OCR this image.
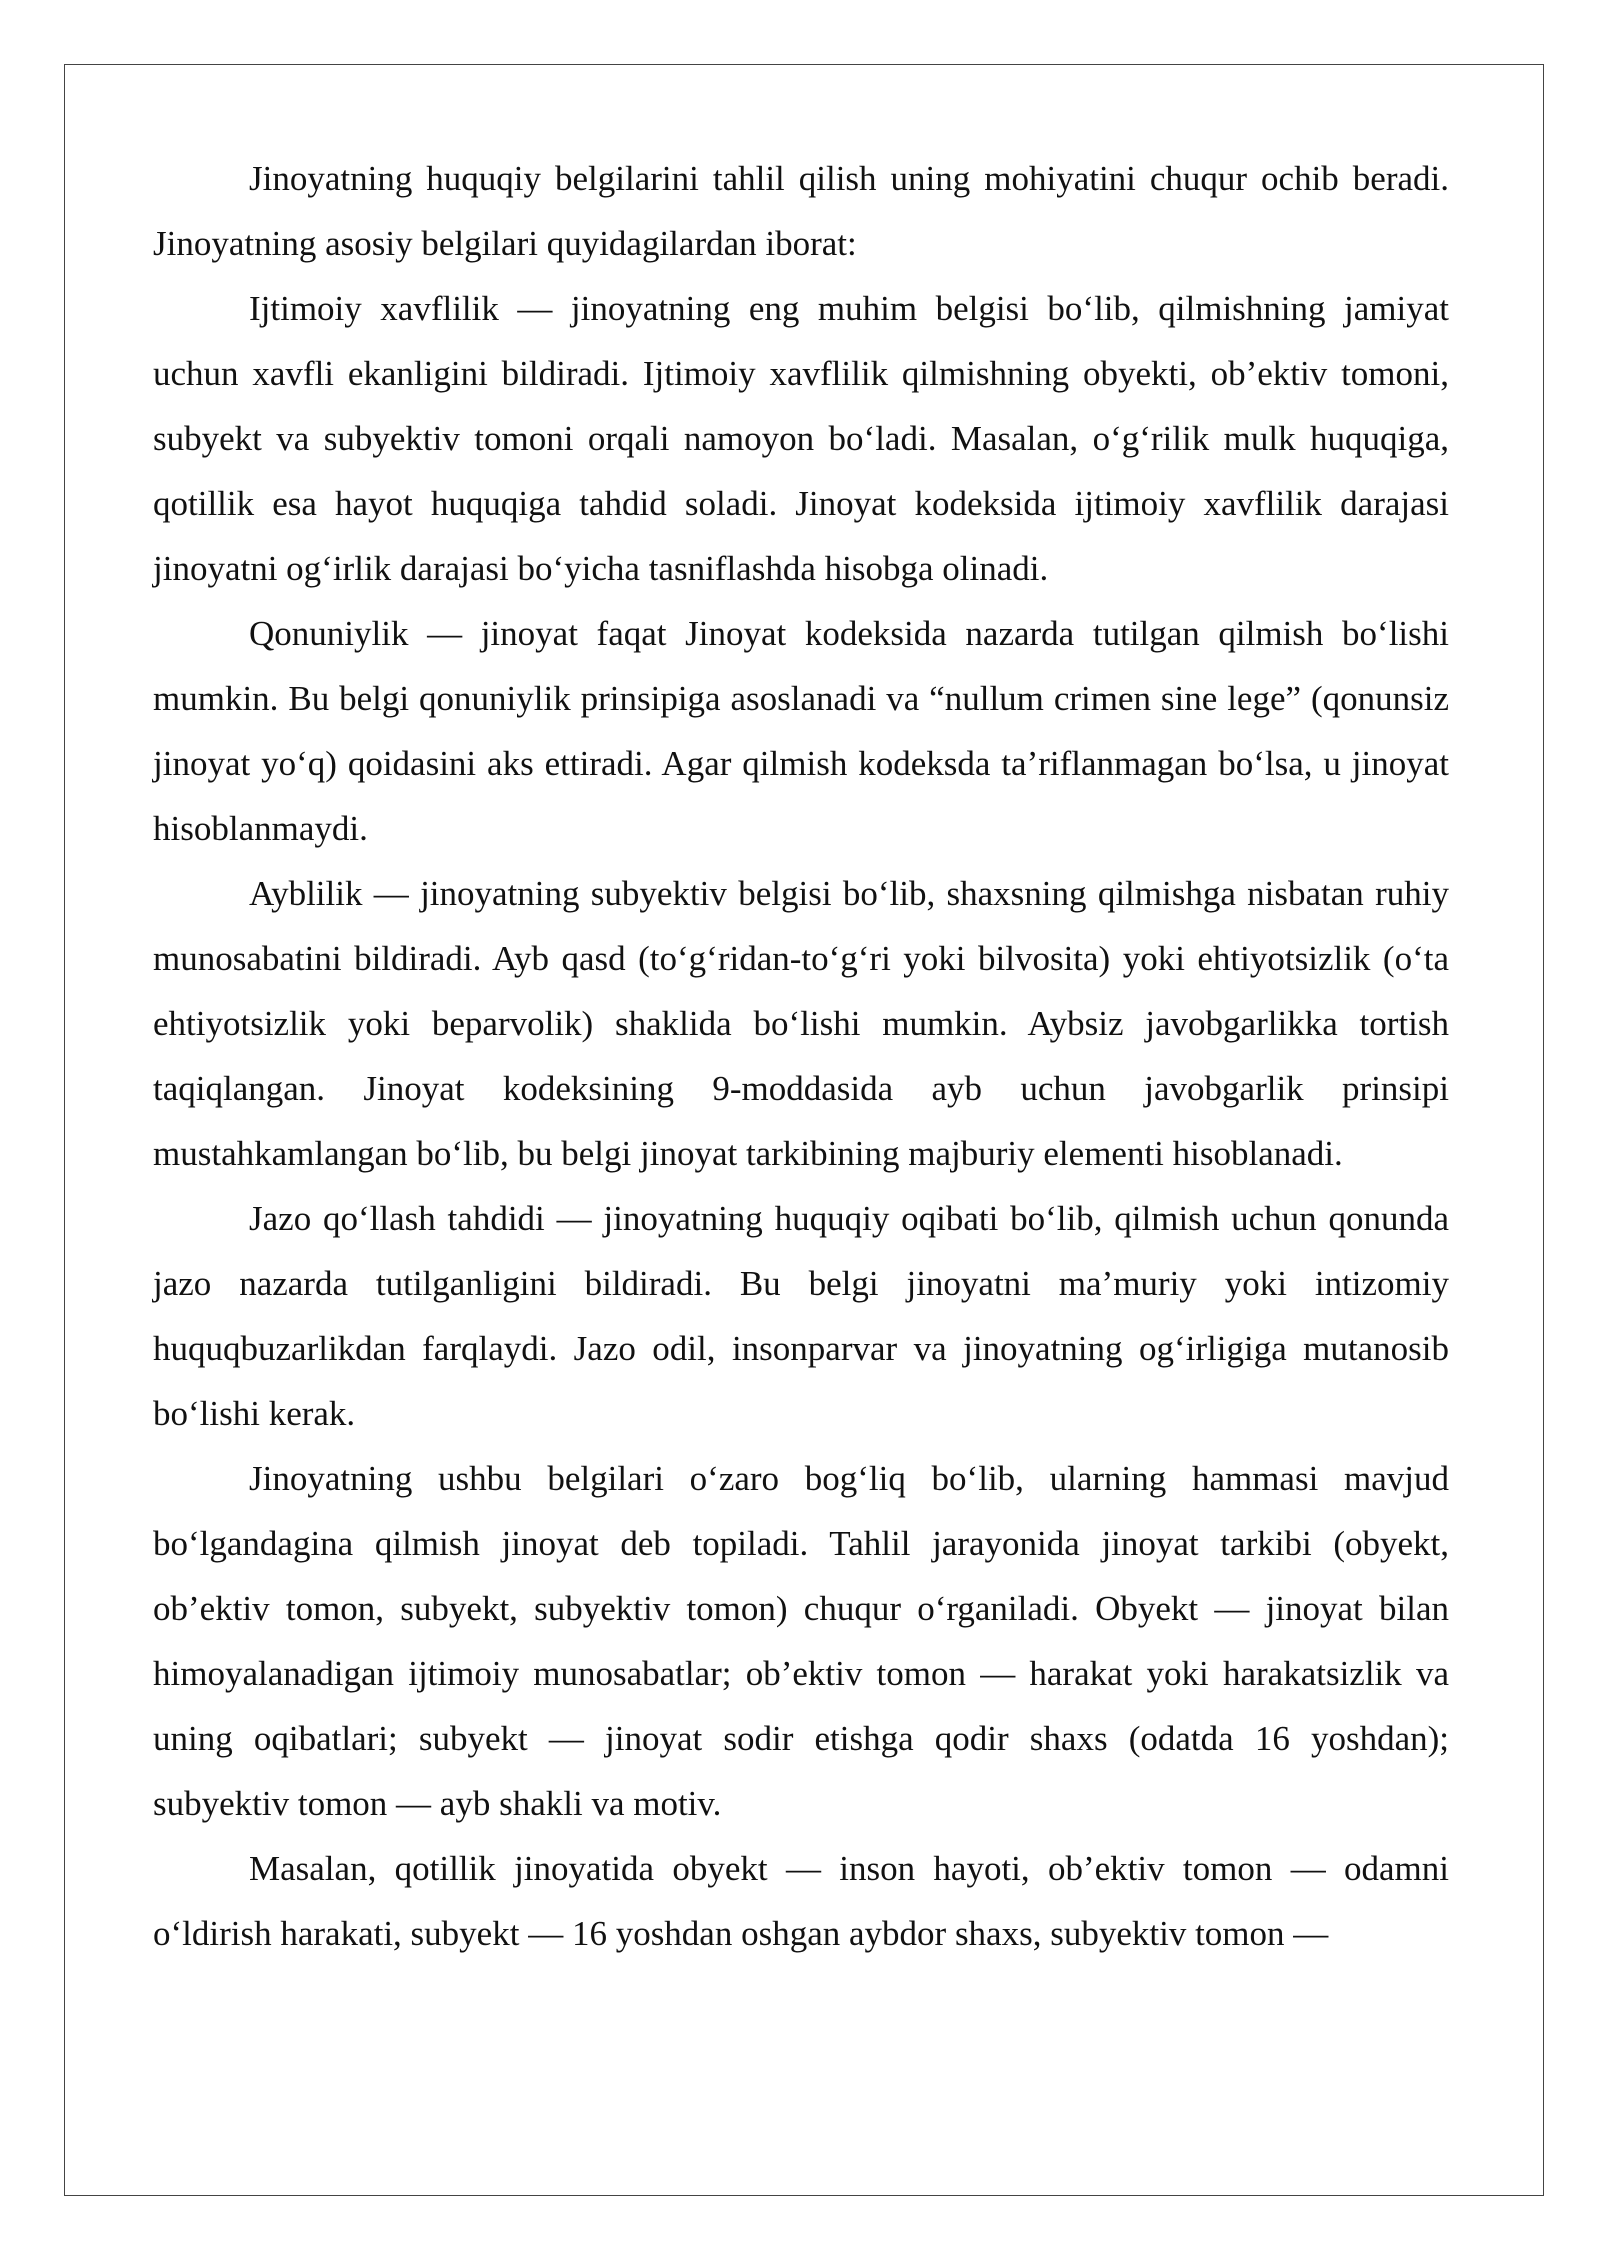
Jinoyatning huquqiy belgilarini tahlil qilish uning mohiyatini chuqur ochib beradi. Jinoyatning asosiy belgilari quyidagilardan iborat:

Ijtimoiy xavflilik — jinoyatning eng muhim belgisi bo‘lib, qilmishning jamiyat uchun xavfli ekanligini bildiradi. Ijtimoiy xavflilik qilmishning obyekti, ob’ektiv tomoni, subyekt va subyektiv tomoni orqali namoyon bo‘ladi. Masalan, o‘g‘rilik mulk huquqiga, qotillik esa hayot huquqiga tahdid soladi. Jinoyat kodeksida ijtimoiy xavflilik darajasi jinoyatni og‘irlik darajasi bo‘yicha tasniflashda hisobga olinadi.

Qonuniylik — jinoyat faqat Jinoyat kodeksida nazarda tutilgan qilmish bo‘lishi mumkin. Bu belgi qonuniylik prinsipiga asoslanadi va “nullum crimen sine lege” (qonunsiz jinoyat yo‘q) qoidasini aks ettiradi. Agar qilmish kodeksda ta’riflanmagan bo‘lsa, u jinoyat hisoblanmaydi.

Ayblilik — jinoyatning subyektiv belgisi bo‘lib, shaxsning qilmishga nisbatan ruhiy munosabatini bildiradi. Ayb qasd (to‘g‘ridan-to‘g‘ri yoki bilvosita) yoki ehtiyotsizlik (o‘ta ehtiyotsizlik yoki beparvolik) shaklida bo‘lishi mumkin. Aybsiz javobgarlikka tortish taqiqlangan. Jinoyat kodeksining 9-moddasida ayb uchun javobgarlik prinsipi mustahkamlangan bo‘lib, bu belgi jinoyat tarkibining majburiy elementi hisoblanadi.

Jazo qo‘llash tahdidi — jinoyatning huquqiy oqibati bo‘lib, qilmish uchun qonunda jazo nazarda tutilganligini bildiradi. Bu belgi jinoyatni ma’muriy yoki intizomiy huquqbuzarlikdan farqlaydi. Jazo odil, insonparvar va jinoyatning og‘irligiga mutanosib bo‘lishi kerak.

Jinoyatning ushbu belgilari o‘zaro bog‘liq bo‘lib, ularning hammasi mavjud bo‘lgandagina qilmish jinoyat deb topiladi. Tahlil jarayonida jinoyat tarkibi (obyekt, ob’ektiv tomon, subyekt, subyektiv tomon) chuqur o‘rganiladi. Obyekt — jinoyat bilan himoyalanadigan ijtimoiy munosabatlar; ob’ektiv tomon — harakat yoki harakatsizlik va uning oqibatlari; subyekt — jinoyat sodir etishga qodir shaxs (odatda 16 yoshdan); subyektiv tomon — ayb shakli va motiv.

Masalan, qotillik jinoyatida obyekt — inson hayoti, ob’ektiv tomon — odamni o‘ldirish harakati, subyekt — 16 yoshdan oshgan aybdor shaxs, subyektiv tomon —
